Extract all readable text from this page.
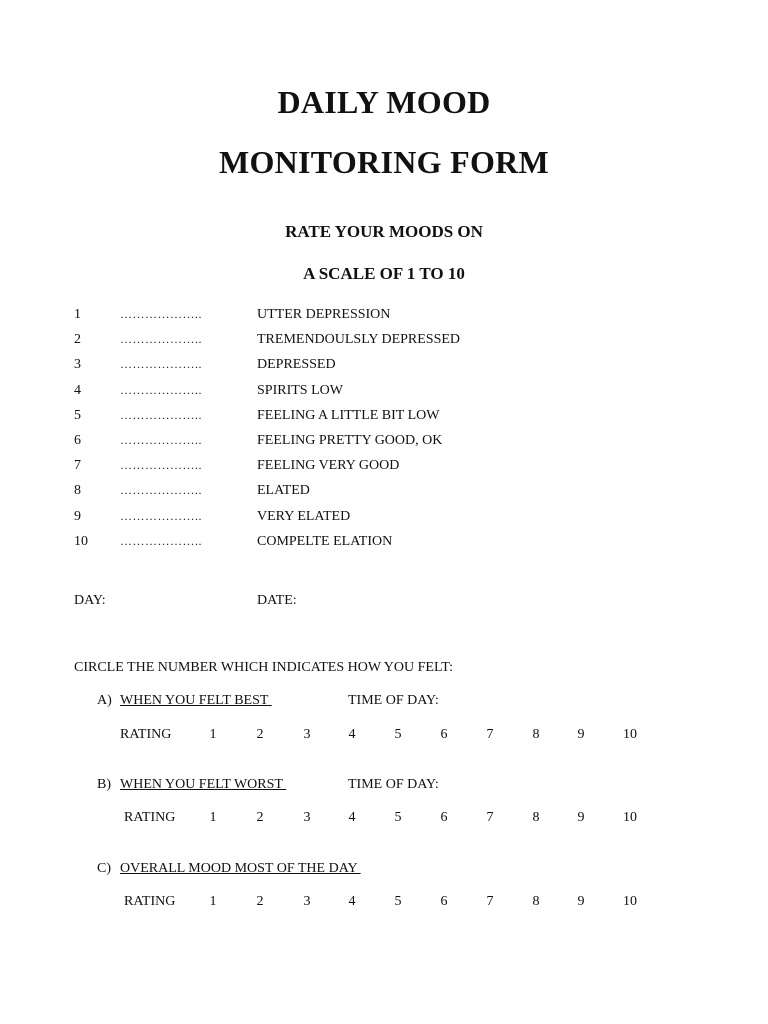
DAILY MOOD
MONITORING FORM
RATE YOUR MOODS ON
A SCALE OF 1 TO 10
1	………………..	UTTER DEPRESSION
2	………………..	TREMENDOULSLY DEPRESSED
3	………………..	DEPRESSED
4	………………..	SPIRITS LOW
5	………………..	FEELING A LITTLE BIT LOW
6	………………..	FEELING PRETTY GOOD, OK
7	………………..	FEELING VERY GOOD
8	………………..	ELATED
9	………………..	VERY ELATED
10	………………..	COMPELTE ELATION
DAY:	DATE:
CIRCLE THE NUMBER WHICH INDICATES HOW YOU FELT:
A) WHEN YOU FELT BEST	TIME OF DAY:
RATING	1	2	3	4	5	6	7	8	9	10
B) WHEN YOU FELT WORST	TIME OF DAY:
RATING	1	2	3	4	5	6	7	8	9	10
C) OVERALL MOOD MOST OF THE DAY
RATING	1	2	3	4	5	6	7	8	9	10
